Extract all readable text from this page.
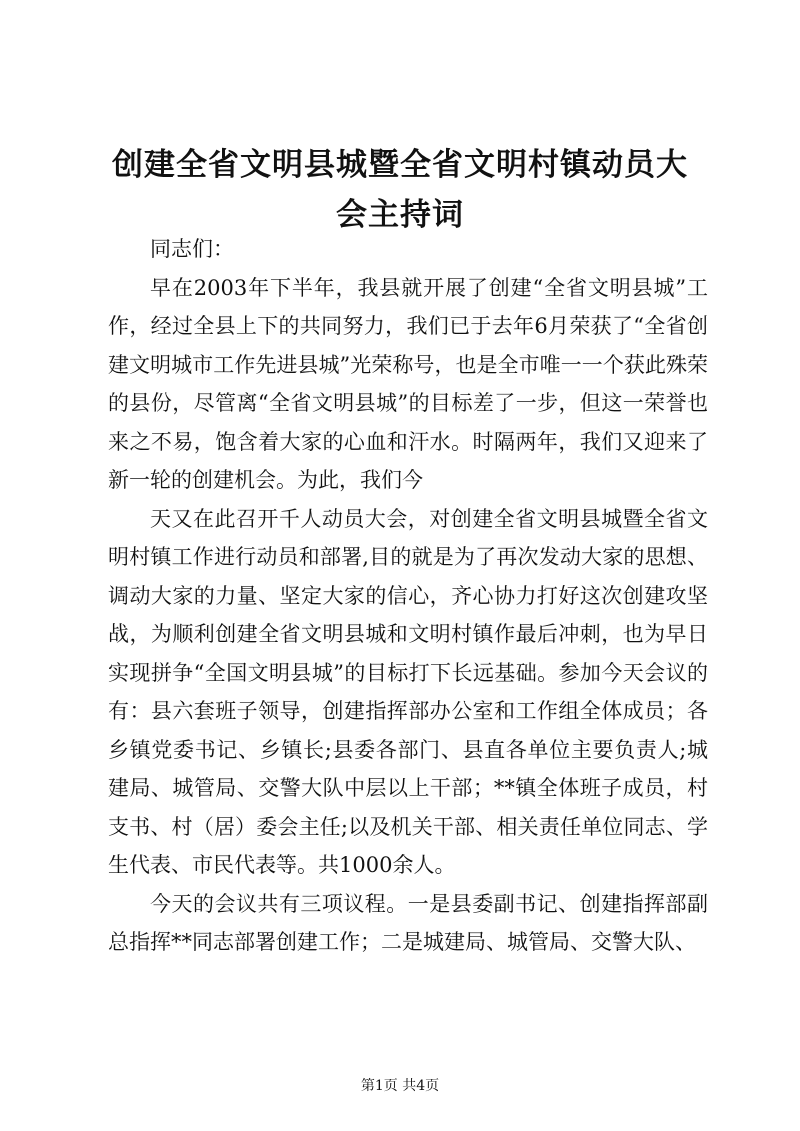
创建全省文明县城暨全省文明村镇动员大会主持词

同志们：

早在2003年下半年，我县就开展了创建“全省文明县城”工作，经过全县上下的共同努力，我们已于去年6月荣获了“全省创建文明城市工作先进县城”光荣称号，也是全市唯一一个获此殊荣的县份，尽管离“全省文明县城”的目标差了一步，但这一荣誉也来之不易，饱含着大家的心血和汗水。时隔两年，我们又迎来了新一轮的创建机会。为此，我们今

天又在此召开千人动员大会，对创建全省文明县城暨全省文明村镇工作进行动员和部署,目的就是为了再次发动大家的思想、调动大家的力量、坚定大家的信心，齐心协力打好这次创建攻坚战，为顺利创建全省文明县城和文明村镇作最后冲刺，也为早日实现拼争“全国文明县城”的目标打下长远基础。参加今天会议的有：县六套班子领导，创建指挥部办公室和工作组全体成员；各乡镇党委书记、乡镇长;县委各部门、县直各单位主要负责人;城建局、城管局、交警大队中层以上干部；**镇全体班子成员，村支书、村（居）委会主任;以及机关干部、相关责任单位同志、学生代表、市民代表等。共1000余人。

今天的会议共有三项议程。一是县委副书记、创建指挥部副总指挥**同志部署创建工作；二是城建局、城管局、交警大队、

第1页 共4页
